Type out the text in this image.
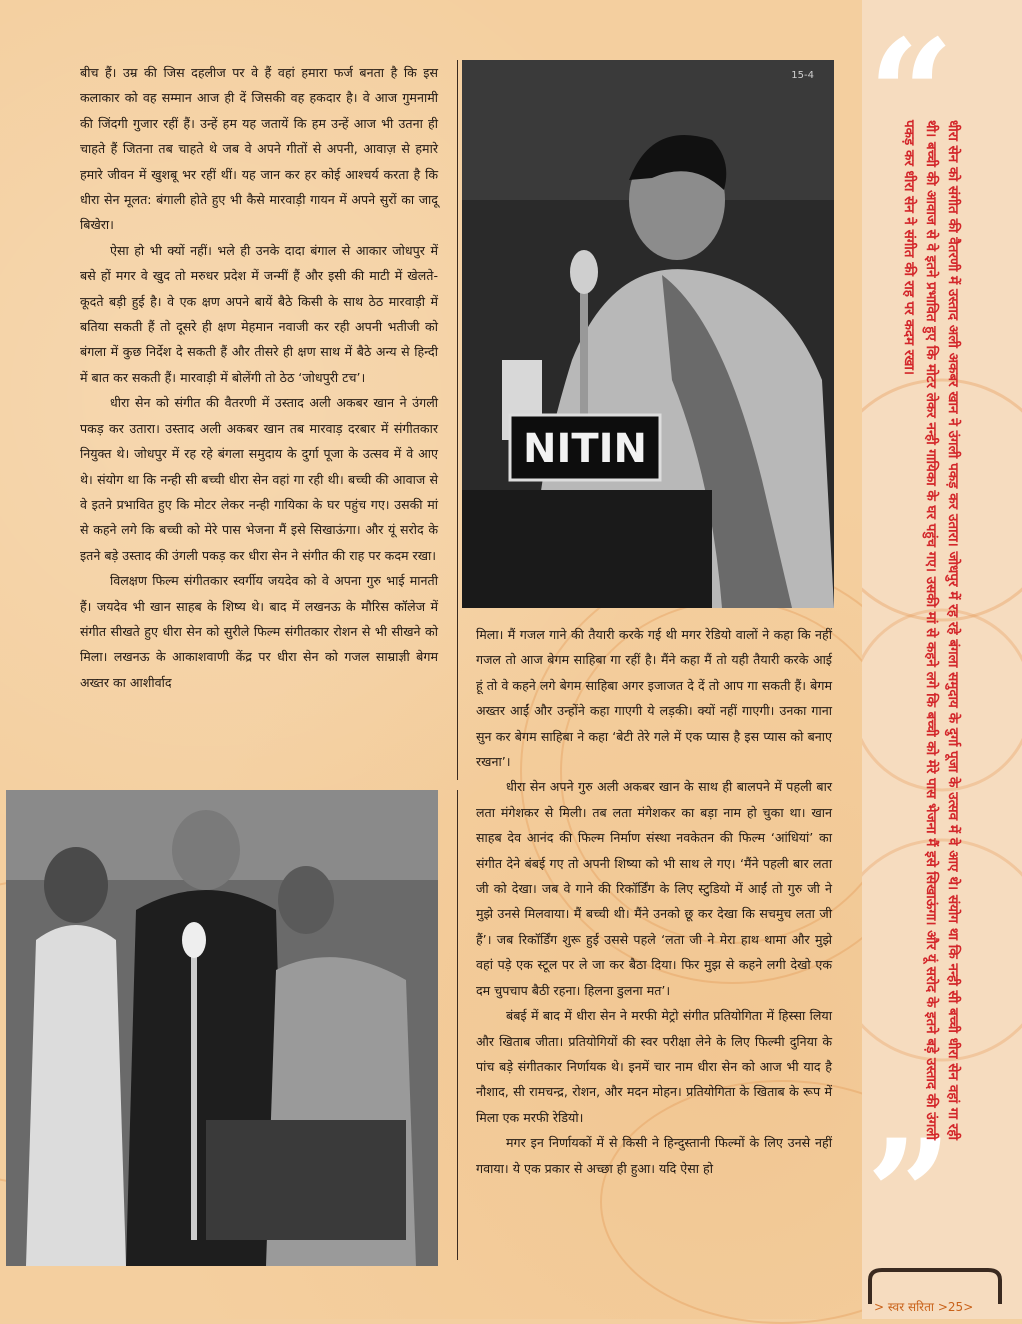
बीच हैं। उम्र की जिस दहलीज पर वे हैं वहां हमारा फर्ज बनता है कि इस कलाकार को वह सम्मान आज ही दें जिसकी वह हकदार है। वे आज गुमनामी की जिंदगी गुजार रहीं हैं। उन्हें हम यह जतायें कि हम उन्हें आज भी उतना ही चाहते हैं जितना तब चाहते थे जब वे अपने गीतों से अपनी, आवाज़ से हमारे हमारे जीवन में खुशबू भर रहीं थीं। यह जान कर हर कोई आश्चर्य करता है कि धीरा सेन मूलत: बंगाली होते हुए भी कैसे मारवाड़ी गायन में अपने सुरों का जादू बिखेरा।

ऐसा हो भी क्यों नहीं। भले ही उनके दादा बंगाल से आकार जोधपुर में बसे हों मगर वे खुद तो मरुधर प्रदेश में जन्मीं हैं और इसी की माटी में खेलते-कूदते बड़ी हुई है। वे एक क्षण अपने बायें बैठे किसी के साथ ठेठ मारवाड़ी में बतिया सकती हैं तो दूसरे ही क्षण मेहमान नवाजी कर रही अपनी भतीजी को बंगला में कुछ निर्देश दे सकती हैं और तीसरे ही क्षण साथ में बैठे अन्य से हिन्दी में बात कर सकती हैं। मारवाड़ी में बोलेंगी तो ठेठ ‘जोधपुरी टच’।

धीरा सेन को संगीत की वैतरणी में उस्ताद अली अकबर खान ने उंगली पकड़ कर उतारा। उस्ताद अली अकबर खान तब मारवाड़ दरबार में संगीतकार नियुक्त थे। जोधपुर में रह रहे बंगला समुदाय के दुर्गा पूजा के उत्सव में वे आए थे। संयोग था कि नन्ही सी बच्ची धीरा सेन वहां गा रही थी। बच्ची की आवाज से वे इतने प्रभावित हुए कि मोटर लेकर नन्ही गायिका के घर पहुंच गए। उसकी मां से कहने लगे कि बच्ची को मेरे पास भेजना मैं इसे सिखाऊंगा। और यूं सरोद के इतने बड़े उस्ताद की उंगली पकड़ कर धीरा सेन ने संगीत की राह पर कदम रखा।

विलक्षण फिल्म संगीतकार स्वर्गीय जयदेव को वे अपना गुरु भाई मानती हैं। जयदेव भी खान साहब के शिष्य थे। बाद में लखनऊ के मौरिस कॉलेज में संगीत सीखते हुए धीरा सेन को सुरीले फिल्म संगीतकार रोशन से भी सीखने को मिला। लखनऊ के आकाशवाणी केंद्र पर धीरा सेन को गजल साम्राज्ञी बेगम अख्तर का आशीर्वाद

NITIN
15-4

मिला। मैं गजल गाने की तैयारी करके गई थी मगर रेडियो वालों ने कहा कि नहीं गजल तो आज बेगम साहिबा गा रहीं है। मैंने कहा मैं तो यही तैयारी करके आई हूं तो वे कहने लगे बेगम साहिबा अगर इजाजत दे दें तो आप गा सकती हैं। बेगम अख्तर आईं और उन्होंने कहा गाएगी ये लड़की। क्यों नहीं गाएगी। उनका गाना सुन कर बेगम साहिबा ने कहा ‘बेटी तेरे गले में एक प्यास है इस प्यास को बनाए रखना’।

धीरा सेन अपने गुरु अली अकबर खान के साथ ही बालपने में पहली बार लता मंगेशकर से मिली। तब लता मंगेशकर का बड़ा नाम हो चुका था। खान साहब देव आनंद की फिल्म निर्माण संस्था नवकेतन की फिल्म ‘आंधियां’ का संगीत देने बंबई गए तो अपनी शिष्या को भी साथ ले गए। ‘मैंने पहली बार लता जी को देखा। जब वे गाने की रिकॉर्डिंग के लिए स्टुडियो में आईं तो गुरु जी ने मुझे उनसे मिलवाया। मैं बच्ची थी। मैंने उनको छू कर देखा कि सचमुच लता जी हैं’। जब रिकॉर्डिंग शुरू हुई उससे पहले ‘लता जी ने मेरा हाथ थामा और मुझे वहां पड़े एक स्टूल पर ले जा कर बैठा दिया। फिर मुझ से कहने लगी देखो एक दम चुपचाप बैठी रहना। हिलना डुलना मत’।

बंबई में बाद में धीरा सेन ने मरफी मेट्रो संगीत प्रतियोगिता में हिस्सा लिया और खिताब जीता। प्रतियोगियों की स्वर परीक्षा लेने के लिए फिल्मी दुनिया के पांच बड़े संगीतकार निर्णायक थे। इनमें चार नाम धीरा सेन को आज भी याद है नौशाद, सी रामचन्द्र, रोशन, और मदन मोहन। प्रतियोगिता के खिताब के रूप में मिला एक मरफी रेडियो।

मगर इन निर्णायकों में से किसी ने हिन्दुस्तानी फिल्मों के लिए उनसे नहीं गवाया। ये एक प्रकार से अच्छा ही हुआ। यदि ऐसा हो

“
”
धीरा सेन को संगीत की वैतरणी में उस्ताद अली अकबर खान ने उंगली पकड़ कर उतारा। जोधपुर में रह रहे बंगला समुदाय के दुर्गा पूजा के उत्सव में वे आए थे। संयोग था कि नन्ही सी बच्ची धीरा सेन वहां गा रही थी। बच्ची की आवाज से वे इतने प्रभावित हुए कि मोटर लेकर नन्ही गायिका के घर पहुंच गए। उसकी मां से कहने लगे कि बच्ची को मेरे पास भेजना मैं इसे सिखाऊंगा। और यूं सरोद के इतने बड़े उस्ताद की उंगली पकड़ कर धीरा सेन ने संगीत की राह पर कदम रखा।
> स्वर सरिता >25>
